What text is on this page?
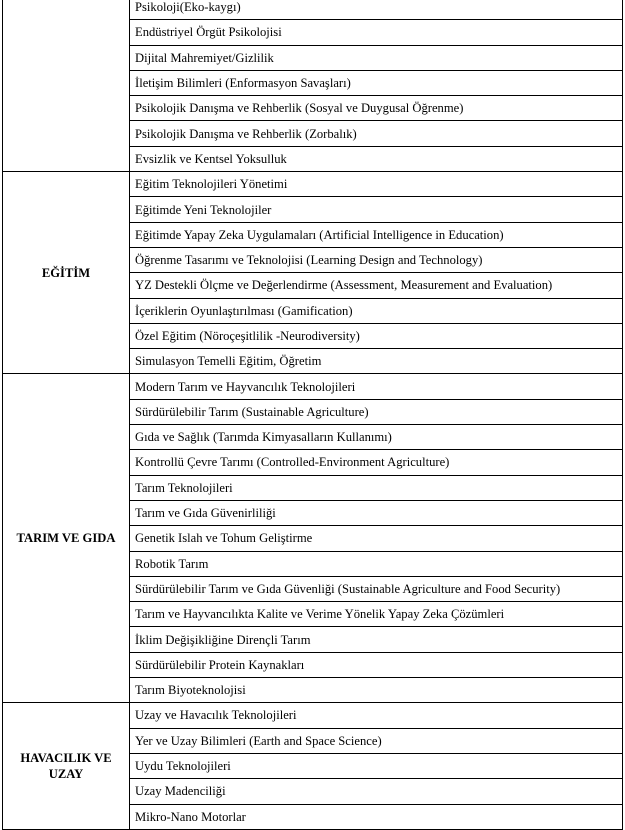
	Psikoloji(Eko-kaygı)
	Endüstriyel Örgüt Psikolojisi
	Dijital Mahremiyet/Gizlilik
	İletişim Bilimleri (Enformasyon Savaşları)
	Psikolojik Danışma ve Rehberlik (Sosyal ve Duygusal Öğrenme)
	Psikolojik Danışma ve Rehberlik (Zorbalık)
	Evsizlik ve Kentsel Yoksulluk
EĞİTİM	Eğitim Teknolojileri Yönetimi
	Eğitimde Yeni Teknolojiler
	Eğitimde Yapay Zeka Uygulamaları (Artificial Intelligence in Education)
	Öğrenme Tasarımı ve Teknolojisi (Learning Design and Technology)
	YZ Destekli Ölçme ve Değerlendirme (Assessment, Measurement and Evaluation)
	İçeriklerin Oyunlaştırılması (Gamification)
	Özel Eğitim (Nöroçeşitlilik -Neurodiversity)
	Simulasyon Temelli Eğitim, Öğretim
TARIM VE GIDA	Modern Tarım ve Hayvancılık Teknolojileri
	Sürdürülebilir Tarım (Sustainable Agriculture)
	Gıda ve Sağlık (Tarımda Kimyasalların Kullanımı)
	Kontrollü Çevre Tarımı (Controlled-Environment Agriculture)
	Tarım Teknolojileri
	Tarım ve Gıda Güvenirliliği
	Genetik Islah ve Tohum Geliştirme
	Robotik Tarım
	Sürdürülebilir Tarım ve Gıda Güvenliği (Sustainable Agriculture and Food Security)
	Tarım ve Hayvancılıkta Kalite ve Verime Yönelik Yapay Zeka Çözümleri
	İklim Değişikliğine Dirençli Tarım
	Sürdürülebilir Protein Kaynakları
	Tarım Biyoteknolojisi
HAVACILIK VE UZAY	Uzay ve Havacılık Teknolojileri
	Yer ve Uzay Bilimleri (Earth and Space Science)
	Uydu Teknolojileri
	Uzay Madenciliği
	Mikro-Nano Motorlar
